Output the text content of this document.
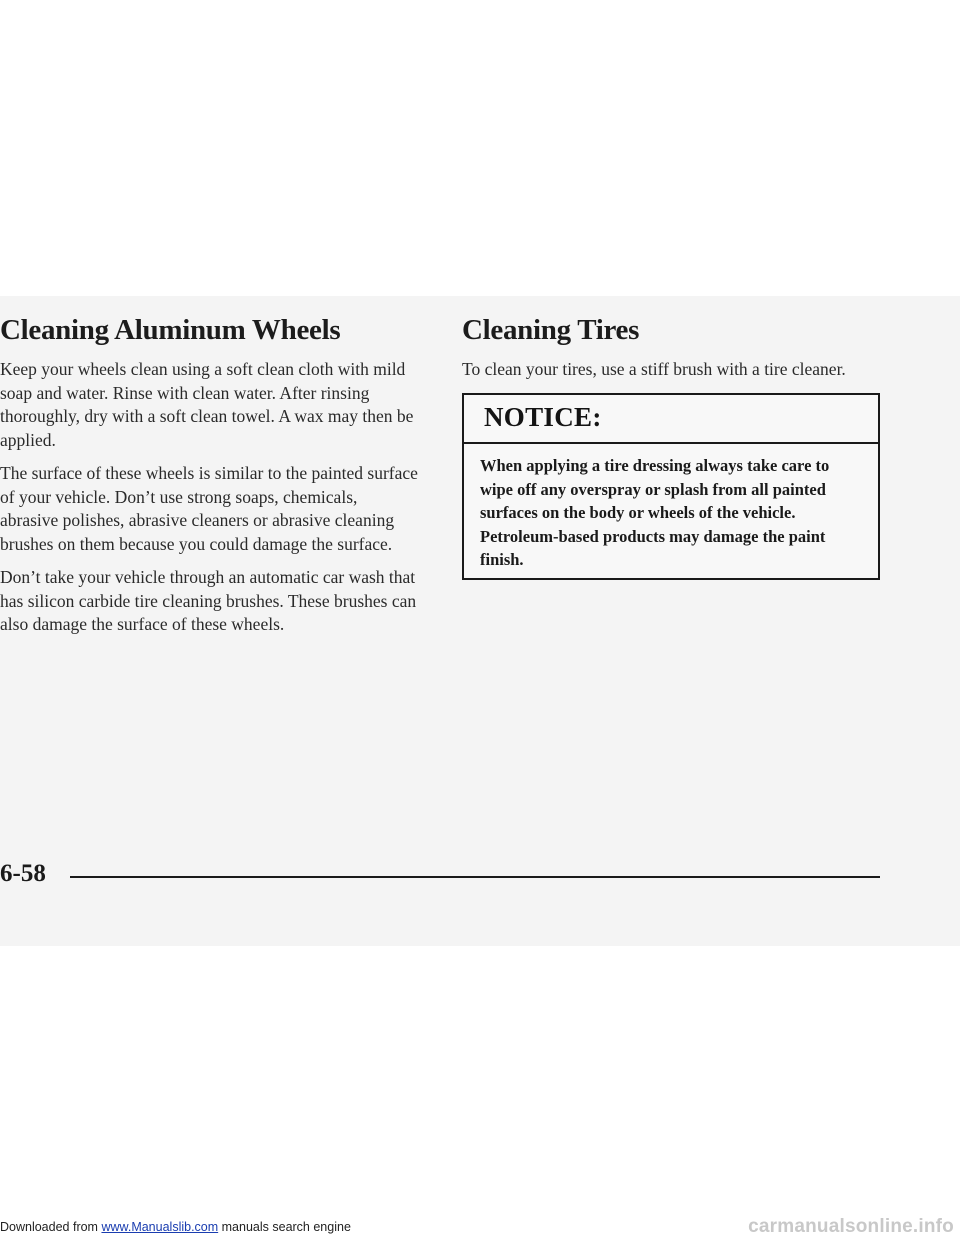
Cleaning Aluminum Wheels

Keep your wheels clean using a soft clean cloth with mild soap and water. Rinse with clean water. After rinsing thoroughly, dry with a soft clean towel. A wax may then be applied.

The surface of these wheels is similar to the painted surface of your vehicle. Don’t use strong soaps, chemicals, abrasive polishes, abrasive cleaners or abrasive cleaning brushes on them because you could damage the surface.

Don’t take your vehicle through an automatic car wash that has silicon carbide tire cleaning brushes. These brushes can also damage the surface of these wheels.

Cleaning Tires

To clean your tires, use a stiff brush with a tire cleaner.

NOTICE:
When applying a tire dressing always take care to wipe off any overspray or splash from all painted surfaces on the body or wheels of the vehicle. Petroleum-based products may damage the paint finish.
6-58
Downloaded from www.Manualslib.com manuals search engine	carmanualsonline.info
